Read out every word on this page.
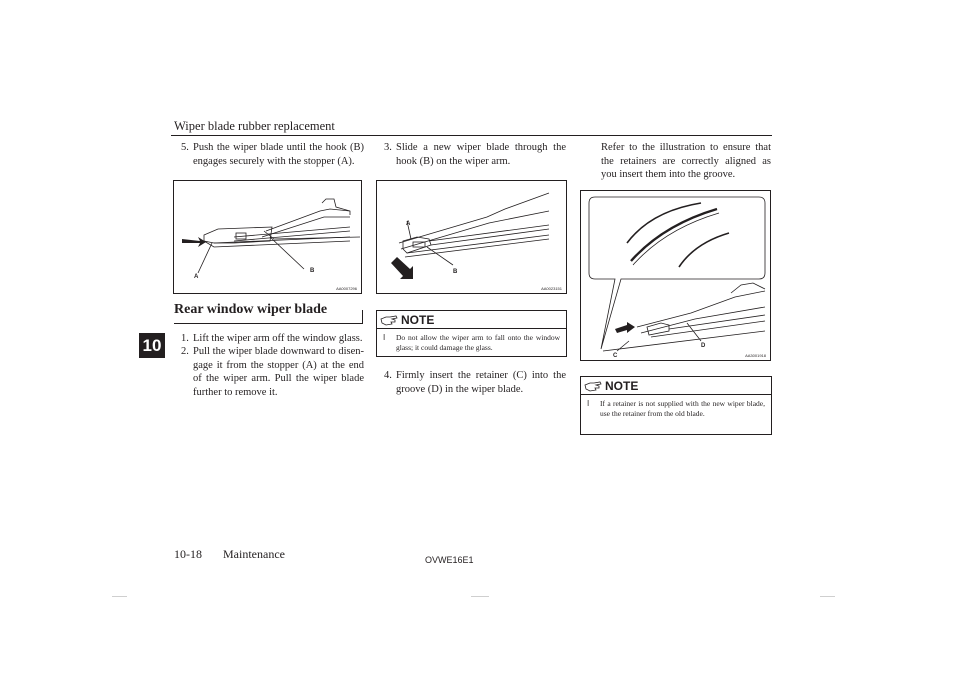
Wiper blade rubber replacement
10
5. Push the wiper blade until the hook (B) engages securely with the stopper (A).
A
B
AA0007296
Rear window wiper blade
1. Lift the wiper arm off the window glass.
2. Pull the wiper blade downward to disengage it from the stopper (A) at the end of the wiper arm. Pull the wiper blade further to remove it.
3. Slide a new wiper blade through the hook (B) on the wiper arm.
A
B
AA0023151
NOTE
l	Do not allow the wiper arm to fall onto the window glass; it could damage the glass.
4. Firmly insert the retainer (C) into the groove (D) in the wiper blade.
Refer to the illustration to ensure that the retainers are correctly aligned as you insert them into the groove.
C
D
AA3001918
NOTE
l	If a retainer is not supplied with the new wiper blade, use the retainer from the old blade.
10-18 Maintenance	OVWE16E1
